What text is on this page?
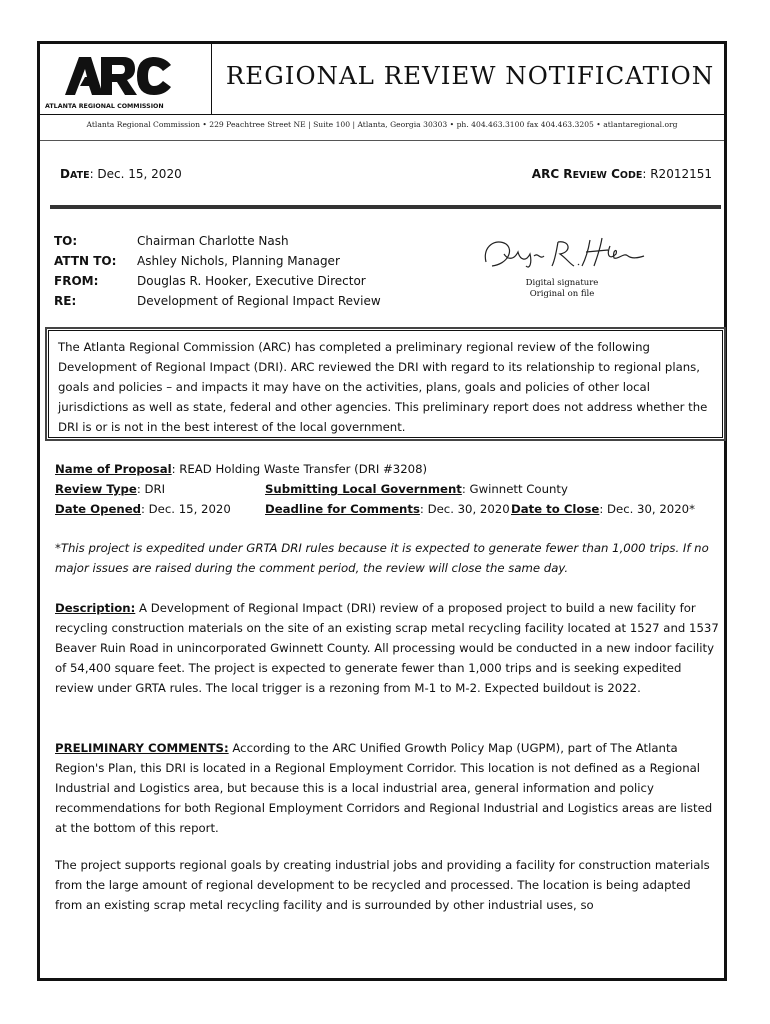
ATLANTA REGIONAL COMMISSION
REGIONAL REVIEW NOTIFICATION
Atlanta Regional Commission • 229 Peachtree Street NE | Suite 100 | Atlanta, Georgia 30303 • ph. 404.463.3100 fax 404.463.3205 • atlantaregional.org
DATE: Dec. 15, 2020	ARC REVIEW CODE: R2012151
TO:	Chairman Charlotte Nash
ATTN TO:	Ashley Nichols, Planning Manager
FROM:	Douglas R. Hooker, Executive Director
RE:	Development of Regional Impact Review
Digital signature
Original on file
The Atlanta Regional Commission (ARC) has completed a preliminary regional review of the following Development of Regional Impact (DRI). ARC reviewed the DRI with regard to its relationship to regional plans, goals and policies – and impacts it may have on the activities, plans, goals and policies of other local jurisdictions as well as state, federal and other agencies. This preliminary report does not address whether the DRI is or is not in the best interest of the local government.
Name of Proposal: READ Holding Waste Transfer (DRI #3208)
Review Type: DRI	Submitting Local Government: Gwinnett County
Date Opened: Dec. 15, 2020	Deadline for Comments: Dec. 30, 2020 Date to Close: Dec. 30, 2020*
*This project is expedited under GRTA DRI rules because it is expected to generate fewer than 1,000 trips. If no major issues are raised during the comment period, the review will close the same day.
Description: A Development of Regional Impact (DRI) review of a proposed project to build a new facility for recycling construction materials on the site of an existing scrap metal recycling facility located at 1527 and 1537 Beaver Ruin Road in unincorporated Gwinnett County. All processing would be conducted in a new indoor facility of 54,400 square feet. The project is expected to generate fewer than 1,000 trips and is seeking expedited review under GRTA rules. The local trigger is a rezoning from M-1 to M-2. Expected buildout is 2022.
PRELIMINARY COMMENTS: According to the ARC Unified Growth Policy Map (UGPM), part of The Atlanta Region's Plan, this DRI is located in a Regional Employment Corridor. This location is not defined as a Regional Industrial and Logistics area, but because this is a local industrial area, general information and policy recommendations for both Regional Employment Corridors and Regional Industrial and Logistics areas are listed at the bottom of this report.
The project supports regional goals by creating industrial jobs and providing a facility for construction materials from the large amount of regional development to be recycled and processed. The location is being adapted from an existing scrap metal recycling facility and is surrounded by other industrial uses, so
